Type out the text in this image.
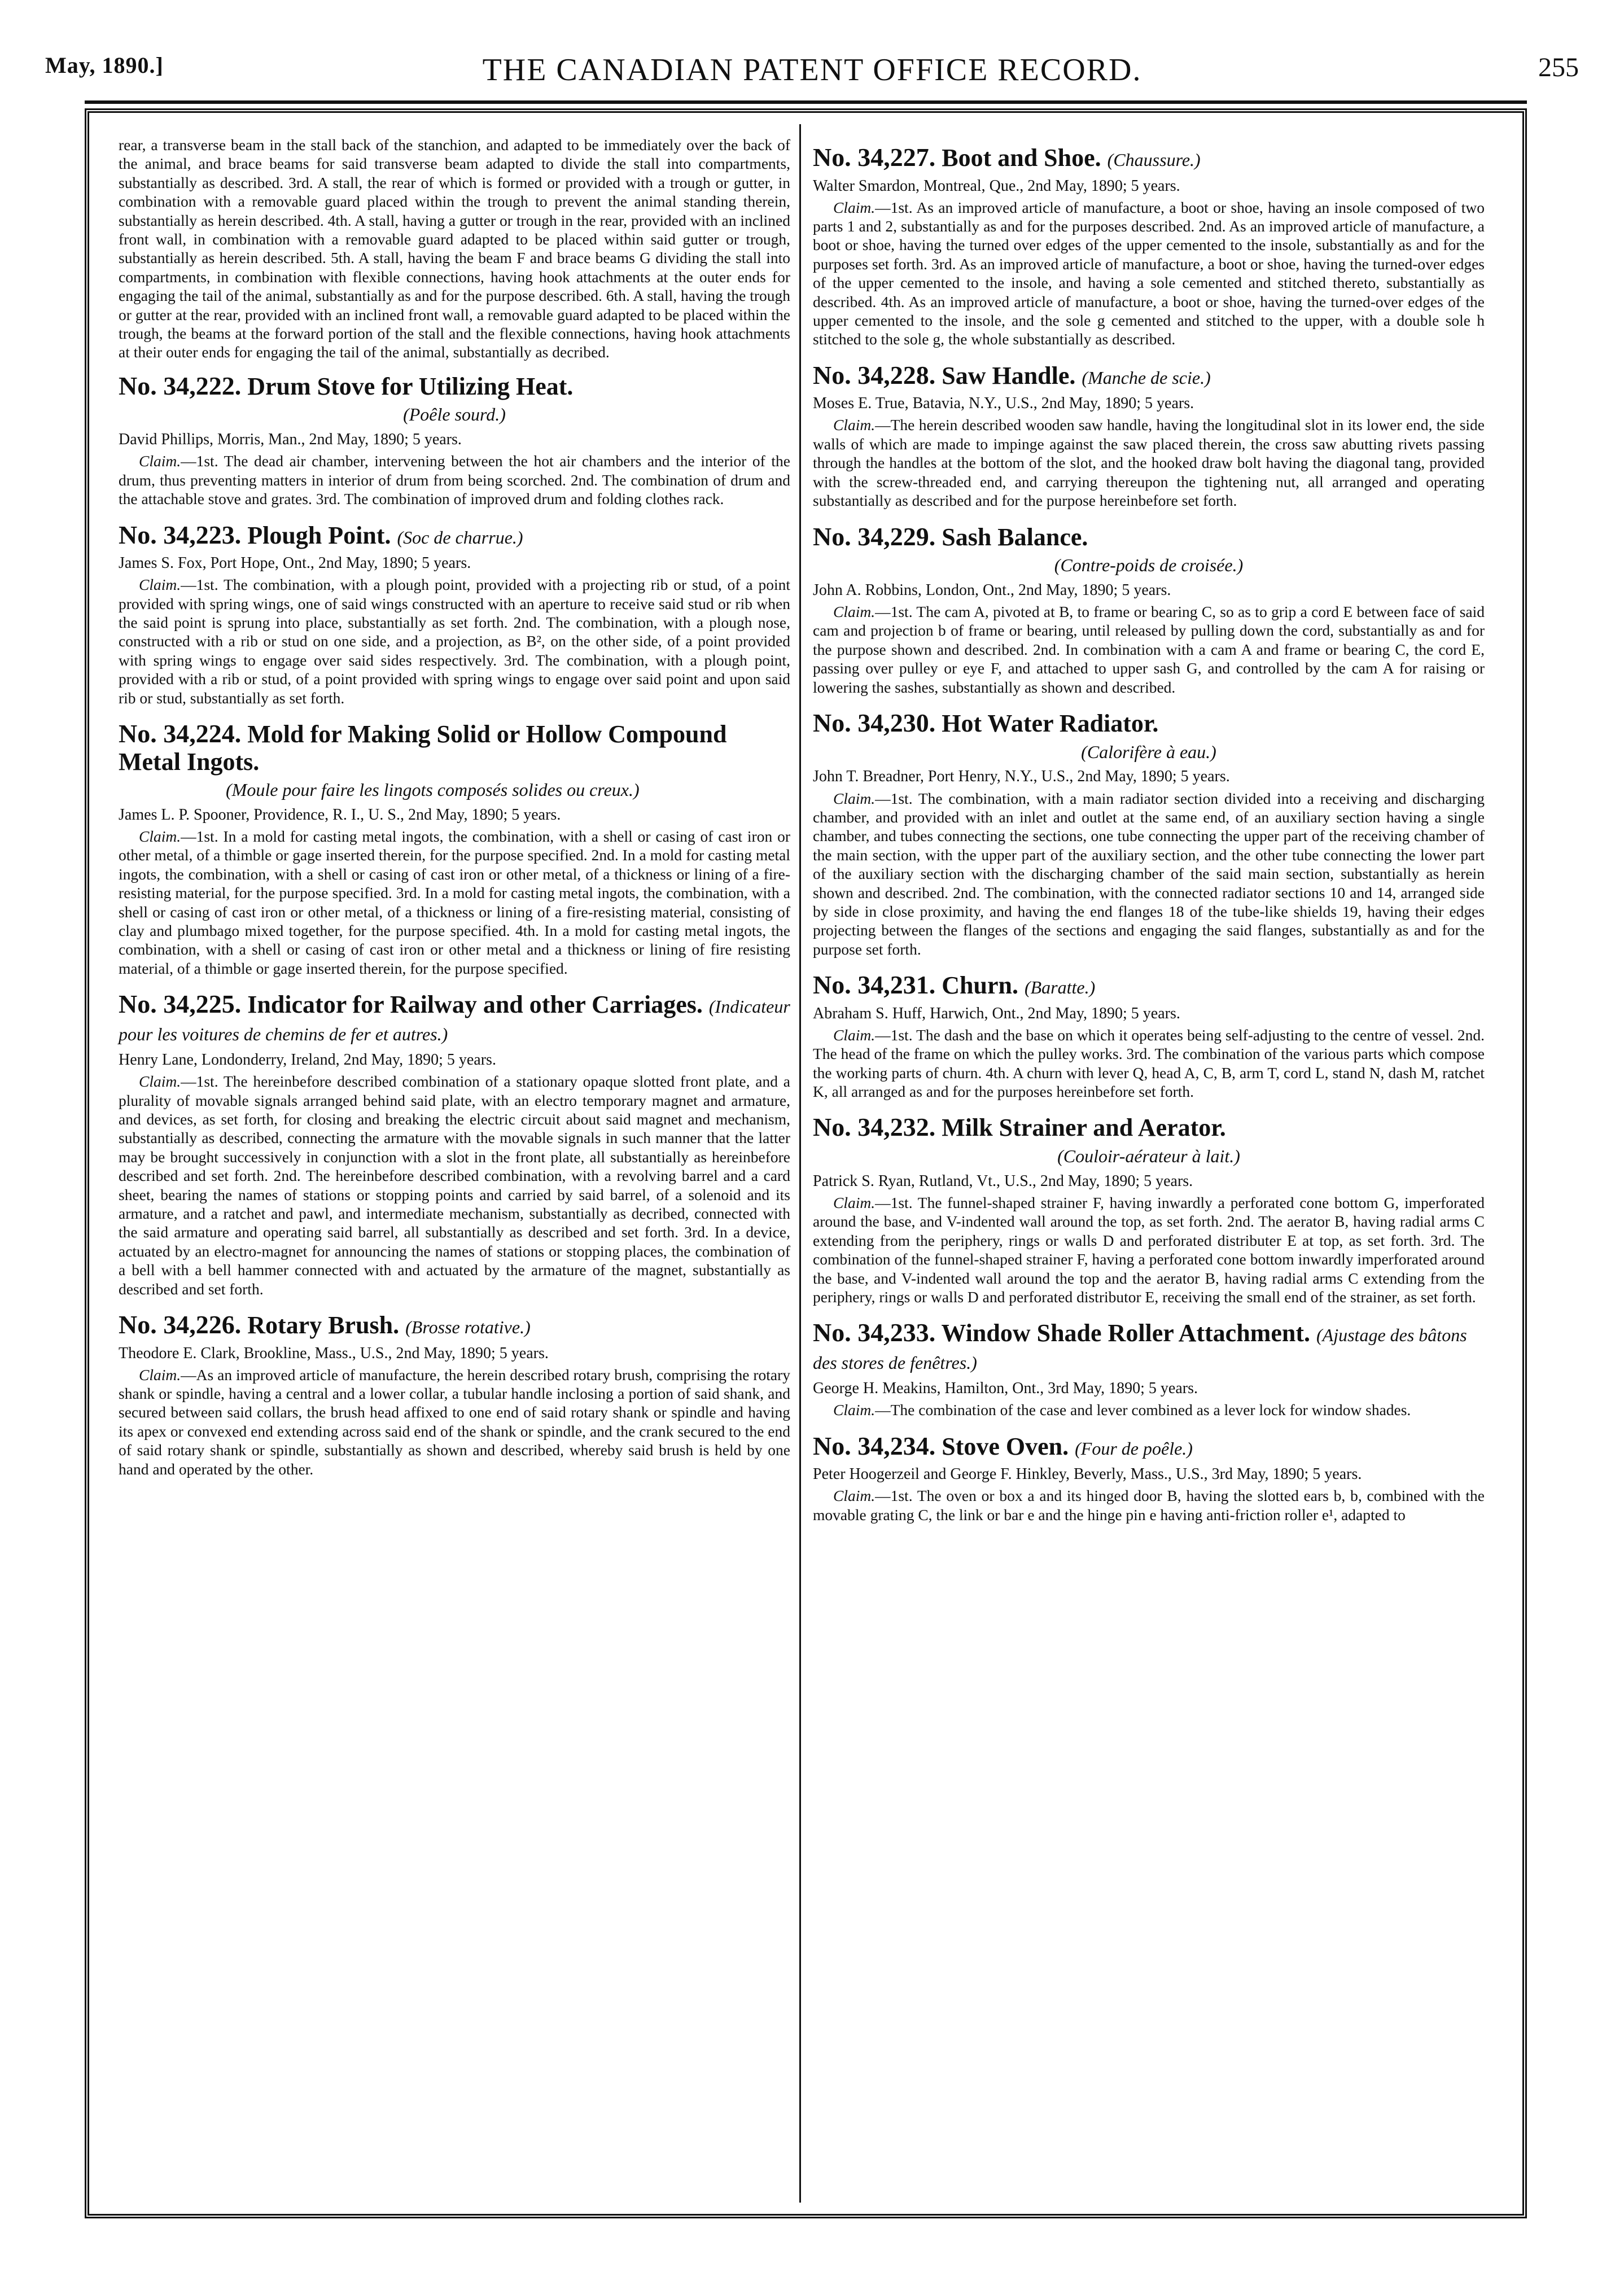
May, 1890.]	THE CANADIAN PATENT OFFICE RECORD.	255

rear, a transverse beam in the stall back of the stanchion, and adapted to be immediately over the back of the animal, and brace beams for said transverse beam adapted to divide the stall into compartments, substantially as described. 3rd. A stall, the rear of which is formed or provided with a trough or gutter, in combination with a removable guard placed within the trough to prevent the animal standing therein, substantially as herein described. 4th. A stall, having a gutter or trough in the rear, provided with an inclined front wall, in combination with a removable guard adapted to be placed within said gutter or trough, substantially as herein described. 5th. A stall, having the beam F and brace beams G dividing the stall into compartments, in combination with flexible connections, having hook attachments at the outer ends for engaging the tail of the animal, substantially as and for the purpose described. 6th. A stall, having the trough or gutter at the rear, provided with an inclined front wall, a removable guard adapted to be placed within the trough, the beams at the forward portion of the stall and the flexible connections, having hook attachments at their outer ends for engaging the tail of the animal, substantially as decribed.

No. 34,222. Drum Stove for Utilizing Heat.
(Poêle sourd.)
David Phillips, Morris, Man., 2nd May, 1890; 5 years.

Claim.—1st. The dead air chamber, intervening between the hot air chambers and the interior of the drum, thus preventing matters in interior of drum from being scorched. 2nd. The combination of drum and the attachable stove and grates. 3rd. The combination of improved drum and folding clothes rack.

No. 34,223. Plough Point. (Soc de charrue.)
James S. Fox, Port Hope, Ont., 2nd May, 1890; 5 years.

Claim.—1st. The combination, with a plough point, provided with a projecting rib or stud, of a point provided with spring wings, one of said wings constructed with an aperture to receive said stud or rib when the said point is sprung into place, substantially as set forth. 2nd. The combination, with a plough nose, constructed with a rib or stud on one side, and a projection, as B², on the other side, of a point provided with spring wings to engage over said sides respectively. 3rd. The combination, with a plough point, provided with a rib or stud, of a point provided with spring wings to engage over said point and upon said rib or stud, substantially as set forth.

No. 34,224. Mold for Making Solid or Hollow Compound Metal Ingots.
(Moule pour faire les lingots composés solides ou creux.)
James L. P. Spooner, Providence, R. I., U. S., 2nd May, 1890; 5 years.

Claim.—1st. In a mold for casting metal ingots, the combination, with a shell or casing of cast iron or other metal, of a thimble or gage inserted therein, for the purpose specified. 2nd. In a mold for casting metal ingots, the combination, with a shell or casing of cast iron or other metal, of a thickness or lining of a fire-resisting material, for the purpose specified. 3rd. In a mold for casting metal ingots, the combination, with a shell or casing of cast iron or other metal, of a thickness or lining of a fire-resisting material, consisting of clay and plumbago mixed together, for the purpose specified. 4th. In a mold for casting metal ingots, the combination, with a shell or casing of cast iron or other metal and a thickness or lining of fire resisting material, of a thimble or gage inserted therein, for the purpose specified.

No. 34,225. Indicator for Railway and other Carriages. (Indicateur pour les voitures de chemins de fer et autres.)
Henry Lane, Londonderry, Ireland, 2nd May, 1890; 5 years.

Claim.—1st. The hereinbefore described combination of a stationary opaque slotted front plate, and a plurality of movable signals arranged behind said plate, with an electro temporary magnet and armature, and devices, as set forth, for closing and breaking the electric circuit about said magnet and mechanism, substantially as described, connecting the armature with the movable signals in such manner that the latter may be brought successively in conjunction with a slot in the front plate, all substantially as hereinbefore described and set forth. 2nd. The hereinbefore described combination, with a revolving barrel and a card sheet, bearing the names of stations or stopping points and carried by said barrel, of a solenoid and its armature, and a ratchet and pawl, and intermediate mechanism, substantially as decribed, connected with the said armature and operating said barrel, all substantially as described and set forth. 3rd. In a device, actuated by an electro-magnet for announcing the names of stations or stopping places, the combination of a bell with a bell hammer connected with and actuated by the armature of the magnet, substantially as described and set forth.

No. 34,226. Rotary Brush. (Brosse rotative.)
Theodore E. Clark, Brookline, Mass., U.S., 2nd May, 1890; 5 years.

Claim.—As an improved article of manufacture, the herein described rotary brush, comprising the rotary shank or spindle, having a central and a lower collar, a tubular handle inclosing a portion of said shank, and secured between said collars, the brush head affixed to one end of said rotary shank or spindle and having its apex or convexed end extending across said end of the shank or spindle, and the crank secured to the end of said rotary shank or spindle, substantially as shown and described, whereby said brush is held by one hand and operated by the other.

No. 34,227. Boot and Shoe. (Chaussure.)
Walter Smardon, Montreal, Que., 2nd May, 1890; 5 years.

Claim.—1st. As an improved article of manufacture, a boot or shoe, having an insole composed of two parts 1 and 2, substantially as and for the purposes described. 2nd. As an improved article of manufacture, a boot or shoe, having the turned over edges of the upper cemented to the insole, substantially as and for the purposes set forth. 3rd. As an improved article of manufacture, a boot or shoe, having the turned-over edges of the upper cemented to the insole, and having a sole cemented and stitched thereto, substantially as described. 4th. As an improved article of manufacture, a boot or shoe, having the turned-over edges of the upper cemented to the insole, and the sole g cemented and stitched to the upper, with a double sole h stitched to the sole g, the whole substantially as described.

No. 34,228. Saw Handle. (Manche de scie.)
Moses E. True, Batavia, N.Y., U.S., 2nd May, 1890; 5 years.

Claim.—The herein described wooden saw handle, having the longitudinal slot in its lower end, the side walls of which are made to impinge against the saw placed therein, the cross saw abutting rivets passing through the handles at the bottom of the slot, and the hooked draw bolt having the diagonal tang, provided with the screw-threaded end, and carrying thereupon the tightening nut, all arranged and operating substantially as described and for the purpose hereinbefore set forth.

No. 34,229. Sash Balance.
(Contre-poids de croisée.)
John A. Robbins, London, Ont., 2nd May, 1890; 5 years.

Claim.—1st. The cam A, pivoted at B, to frame or bearing C, so as to grip a cord E between face of said cam and projection b of frame or bearing, until released by pulling down the cord, substantially as and for the purpose shown and described. 2nd. In combination with a cam A and frame or bearing C, the cord E, passing over pulley or eye F, and attached to upper sash G, and controlled by the cam A for raising or lowering the sashes, substantially as shown and described.

No. 34,230. Hot Water Radiator.
(Calorifère à eau.)
John T. Breadner, Port Henry, N.Y., U.S., 2nd May, 1890; 5 years.

Claim.—1st. The combination, with a main radiator section divided into a receiving and discharging chamber, and provided with an inlet and outlet at the same end, of an auxiliary section having a single chamber, and tubes connecting the sections, one tube connecting the upper part of the receiving chamber of the main section, with the upper part of the auxiliary section, and the other tube connecting the lower part of the auxiliary section with the discharging chamber of the said main section, substantially as herein shown and described. 2nd. The combination, with the connected radiator sections 10 and 14, arranged side by side in close proximity, and having the end flanges 18 of the tube-like shields 19, having their edges projecting between the flanges of the sections and engaging the said flanges, substantially as and for the purpose set forth.

No. 34,231. Churn. (Baratte.)
Abraham S. Huff, Harwich, Ont., 2nd May, 1890; 5 years.

Claim.—1st. The dash and the base on which it operates being self-adjusting to the centre of vessel. 2nd. The head of the frame on which the pulley works. 3rd. The combination of the various parts which compose the working parts of churn. 4th. A churn with lever Q, head A, C, B, arm T, cord L, stand N, dash M, ratchet K, all arranged as and for the purposes hereinbefore set forth.

No. 34,232. Milk Strainer and Aerator.
(Couloir-aérateur à lait.)
Patrick S. Ryan, Rutland, Vt., U.S., 2nd May, 1890; 5 years.

Claim.—1st. The funnel-shaped strainer F, having inwardly a perforated cone bottom G, imperforated around the base, and V-indented wall around the top, as set forth. 2nd. The aerator B, having radial arms C extending from the periphery, rings or walls D and perforated distributer E at top, as set forth. 3rd. The combination of the funnel-shaped strainer F, having a perforated cone bottom inwardly imperforated around the base, and V-indented wall around the top and the aerator B, having radial arms C extending from the periphery, rings or walls D and perforated distributor E, receiving the small end of the strainer, as set forth.

No. 34,233. Window Shade Roller Attachment. (Ajustage des bâtons des stores de fenêtres.)
George H. Meakins, Hamilton, Ont., 3rd May, 1890; 5 years.

Claim.—The combination of the case and lever combined as a lever lock for window shades.

No. 34,234. Stove Oven. (Four de poêle.)
Peter Hoogerzeil and George F. Hinkley, Beverly, Mass., U.S., 3rd May, 1890; 5 years.

Claim.—1st. The oven or box a and its hinged door B, having the slotted ears b, b, combined with the movable grating C, the link or bar e and the hinge pin e having anti-friction roller e¹, adapted to
